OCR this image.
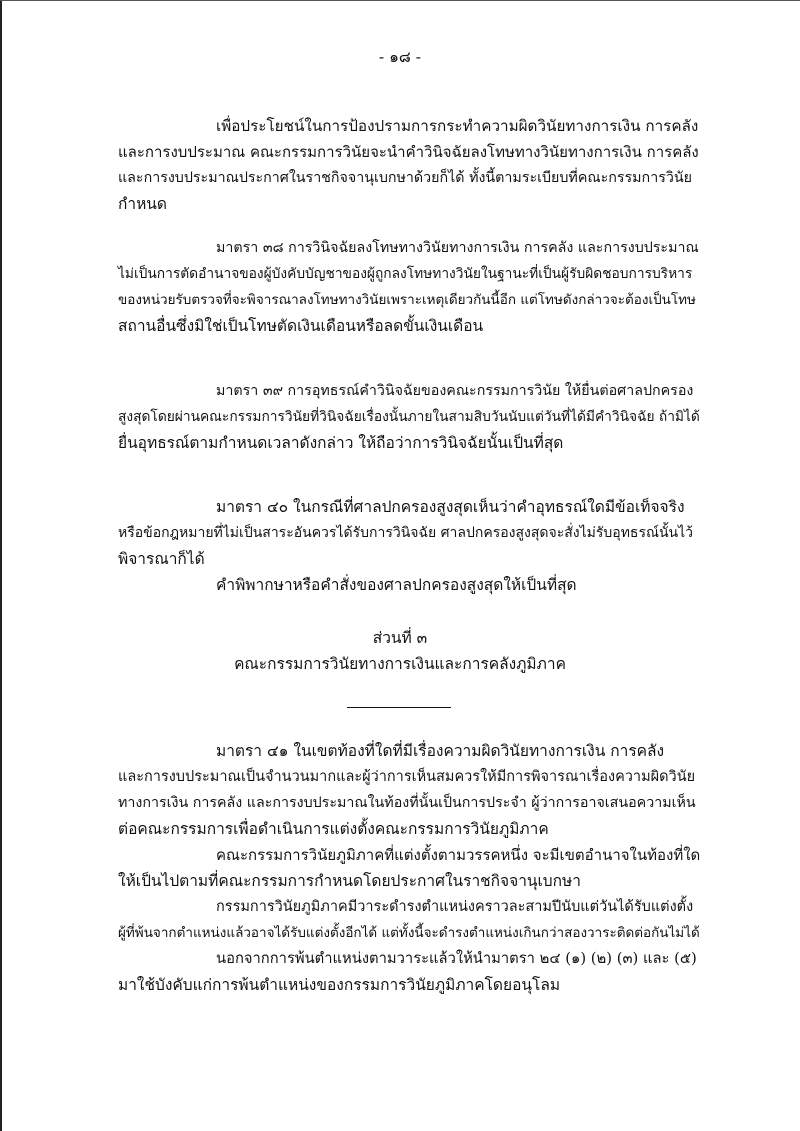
- ๑๘ -
เพื่อประโยชน์ในการป้องปรามการกระทำความผิดวินัยทางการเงิน การคลัง
และการงบประมาณ คณะกรรมการวินัยจะนำคำวินิจฉัยลงโทษทางวินัยทางการเงิน การคลัง
และการงบประมาณประกาศในราชกิจจานุเบกษาด้วยก็ได้ ทั้งนี้ตามระเบียบที่คณะกรรมการวินัย
กำหนด
มาตรา ๓๘ การวินิจฉัยลงโทษทางวินัยทางการเงิน การคลัง และการงบประมาณ
ไม่เป็นการตัดอำนาจของผู้บังคับบัญชาของผู้ถูกลงโทษทางวินัยในฐานะที่เป็นผู้รับผิดชอบการบริหาร
ของหน่วยรับตรวจที่จะพิจารณาลงโทษทางวินัยเพราะเหตุเดียวกันนี้อีก แต่โทษดังกล่าวจะต้องเป็นโทษ
สถานอื่นซึ่งมิใช่เป็นโทษตัดเงินเดือนหรือลดขั้นเงินเดือน
มาตรา ๓๙ การอุทธรณ์คำวินิจฉัยของคณะกรรมการวินัย ให้ยื่นต่อศาลปกครอง
สูงสุดโดยผ่านคณะกรรมการวินัยที่วินิจฉัยเรื่องนั้นภายในสามสิบวันนับแต่วันที่ได้มีคำวินิจฉัย ถ้ามิได้
ยื่นอุทธรณ์ตามกำหนดเวลาดังกล่าว ให้ถือว่าการวินิจฉัยนั้นเป็นที่สุด
มาตรา ๔๐ ในกรณีที่ศาลปกครองสูงสุดเห็นว่าคำอุทธรณ์ใดมีข้อเท็จจริง
หรือข้อกฎหมายที่ไม่เป็นสาระอันควรได้รับการวินิจฉัย ศาลปกครองสูงสุดจะสั่งไม่รับอุทธรณ์นั้นไว้
พิจารณาก็ได้
คำพิพากษาหรือคำสั่งของศาลปกครองสูงสุดให้เป็นที่สุด
ส่วนที่ ๓
คณะกรรมการวินัยทางการเงินและการคลังภูมิภาค
มาตรา ๔๑ ในเขตท้องที่ใดที่มีเรื่องความผิดวินัยทางการเงิน การคลัง
และการงบประมาณเป็นจำนวนมากและผู้ว่าการเห็นสมควรให้มีการพิจารณาเรื่องความผิดวินัย
ทางการเงิน การคลัง และการงบประมาณในท้องที่นั้นเป็นการประจำ ผู้ว่าการอาจเสนอความเห็น
ต่อคณะกรรมการเพื่อดำเนินการแต่งตั้งคณะกรรมการวินัยภูมิภาค
คณะกรรมการวินัยภูมิภาคที่แต่งตั้งตามวรรคหนึ่ง จะมีเขตอำนาจในท้องที่ใด
ให้เป็นไปตามที่คณะกรรมการกำหนดโดยประกาศในราชกิจจานุเบกษา
กรรมการวินัยภูมิภาคมีวาระดำรงตำแหน่งคราวละสามปีนับแต่วันได้รับแต่งตั้ง
ผู้ที่พ้นจากตำแหน่งแล้วอาจได้รับแต่งตั้งอีกได้ แต่ทั้งนี้จะดำรงตำแหน่งเกินกว่าสองวาระติดต่อกันไม่ได้
นอกจากการพ้นตำแหน่งตามวาระแล้วให้นำมาตรา ๒๔ (๑) (๒) (๓) และ (๕)
มาใช้บังคับแก่การพ้นตำแหน่งของกรรมการวินัยภูมิภาคโดยอนุโลม
